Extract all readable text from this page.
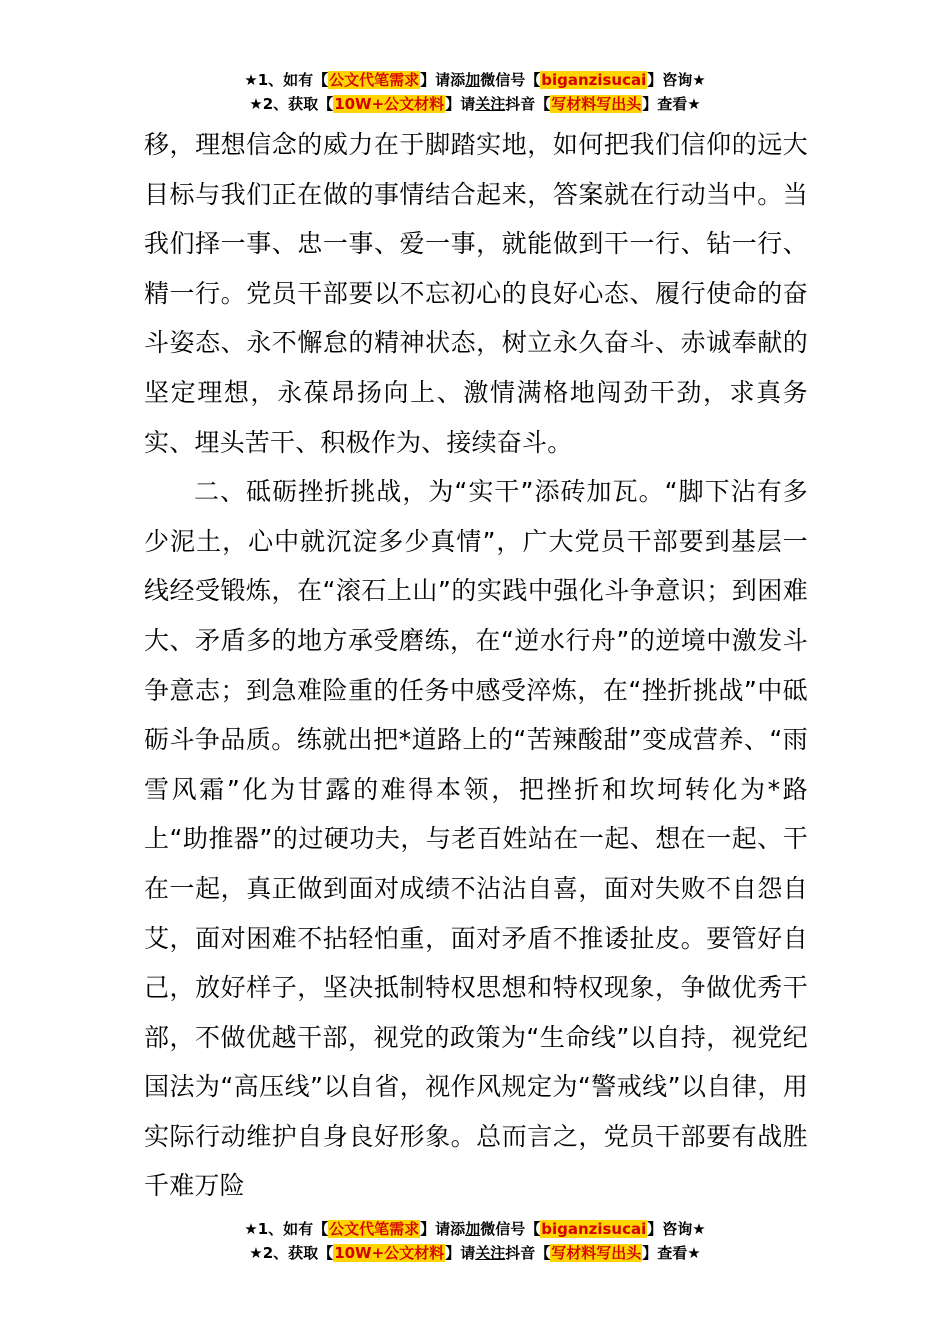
★1、如有【公文代笔需求】请添加微信号【biganzisucai】咨询★
★2、获取【10W+公文材料】请关注抖音【写材料写出头】查看★

移，理想信念的威力在于脚踏实地，如何把我们信仰的远大目标与我们正在做的事情结合起来，答案就在行动当中。当我们择一事、忠一事、爱一事，就能做到干一行、钻一行、精一行。党员干部要以不忘初心的良好心态、履行使命的奋斗姿态、永不懈怠的精神状态，树立永久奋斗、赤诚奉献的坚定理想，永葆昂扬向上、激情满格地闯劲干劲，求真务实、埋头苦干、积极作为、接续奋斗。

二、砥砺挫折挑战，为“实干”添砖加瓦。“脚下沾有多少泥土，心中就沉淀多少真情”，广大党员干部要到基层一线经受锻炼，在“滚石上山”的实践中强化斗争意识；到困难大、矛盾多的地方承受磨练，在“逆水行舟”的逆境中激发斗争意志；到急难险重的任务中感受淬炼，在“挫折挑战”中砥砺斗争品质。练就出把*道路上的“苦辣酸甜”变成营养、“雨雪风霜”化为甘露的难得本领，把挫折和坎坷转化为*路上“助推器”的过硬功夫，与老百姓站在一起、想在一起、干在一起，真正做到面对成绩不沾沾自喜，面对失败不自怨自艾，面对困难不拈轻怕重，面对矛盾不推诿扯皮。要管好自己，放好样子，坚决抵制特权思想和特权现象，争做优秀干部，不做优越干部，视党的政策为“生命线”以自持，视党纪国法为“高压线”以自省，视作风规定为“警戒线”以自律，用实际行动维护自身良好形象。总而言之，党员干部要有战胜千难万险

★1、如有【公文代笔需求】请添加微信号【biganzisucai】咨询★
★2、获取【10W+公文材料】请关注抖音【写材料写出头】查看★
